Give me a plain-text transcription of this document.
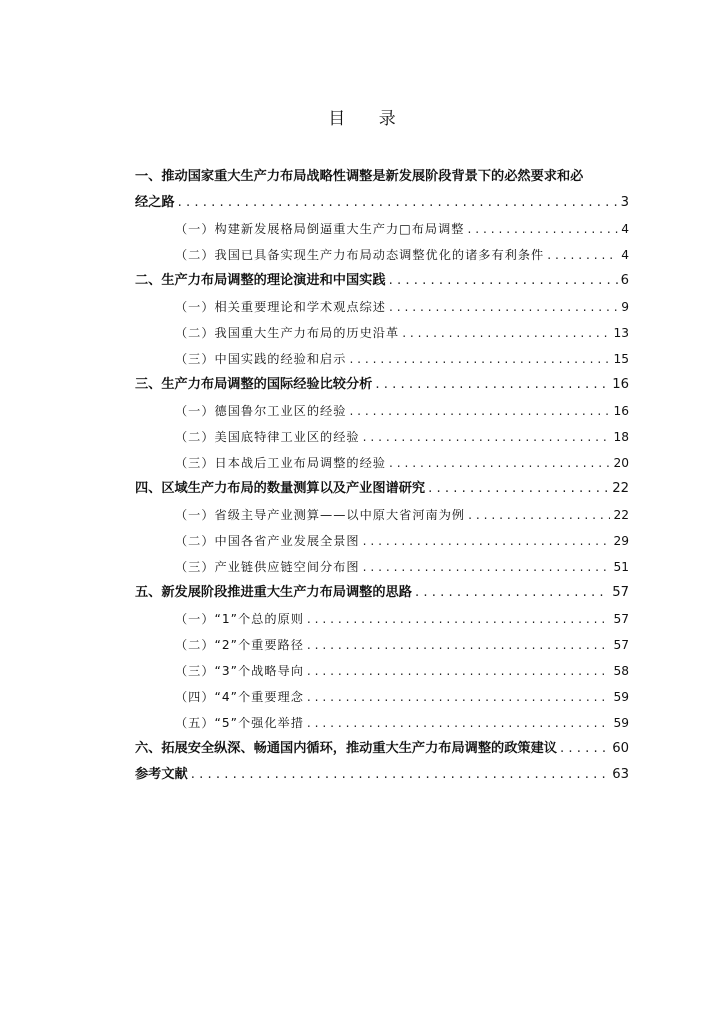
目 录
一、推动国家重大生产力布局战略性调整是新发展阶段背景下的必然要求和必
经之路 . . .	3
（一）构建新发展格局倒逼重大生产力□布局调整 . . .	4
（二）我国已具备实现生产力布局动态调整优化的诸多有利条件 . . .	4
二、生产力布局调整的理论演进和中国实践 . . .	6
（一）相关重要理论和学术观点综述 . . .	9
（二）我国重大生产力布局的历史沿革 . . .	13
（三）中国实践的经验和启示 . . .	15
三、生产力布局调整的国际经验比较分析 . . .	16
（一）德国鲁尔工业区的经验 . . .	16
（二）美国底特律工业区的经验 . . .	18
（三）日本战后工业布局调整的经验 . . .	20
四、区域生产力布局的数量测算以及产业图谱研究 . . .	22
（一）省级主导产业测算——以中原大省河南为例 . . .	22
（二）中国各省产业发展全景图 . . .	29
（三）产业链供应链空间分布图 . . .	51
五、新发展阶段推进重大生产力布局调整的思路 . . .	57
（一）“1”个总的原则 . . .	57
（二）“2”个重要路径 . . .	57
（三）“3”个战略导向 . . .	58
（四）“4”个重要理念 . . .	59
（五）“5”个强化举措 . . .	59
六、拓展安全纵深、畅通国内循环，推动重大生产力布局调整的政策建议 . . .	60
参考文献 . . .	63
